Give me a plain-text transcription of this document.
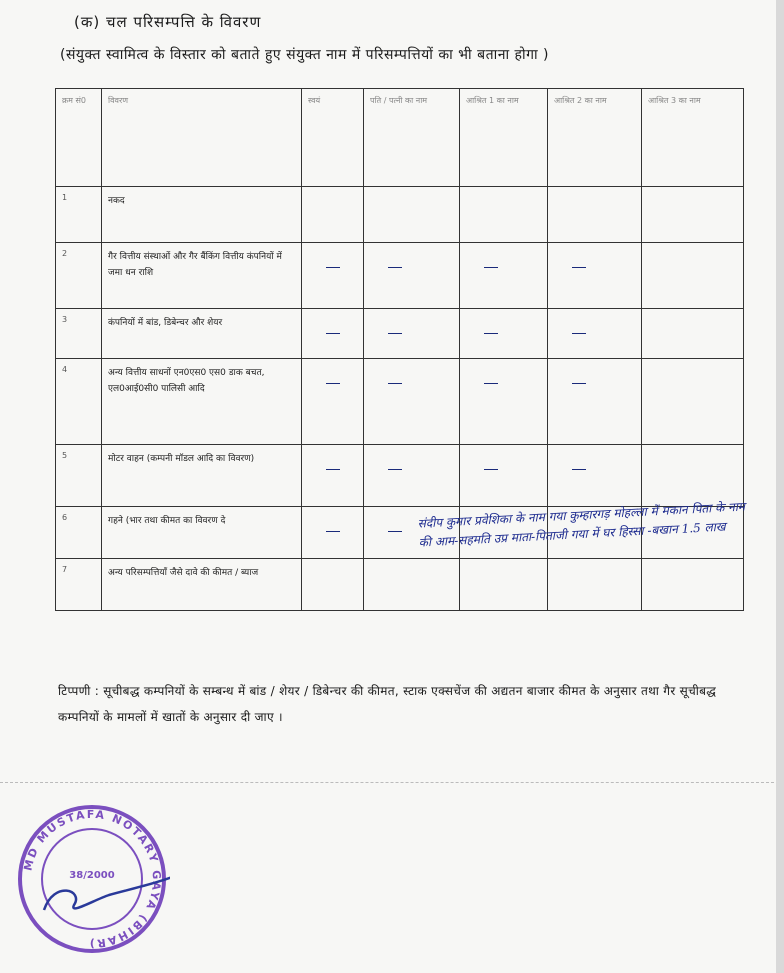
(क) चल परिसम्पत्ति के विवरण
(संयुक्त स्वामित्व के विस्तार को बताते हुए संयुक्त नाम में परिसम्पत्तियों का भी बताना होगा )
क्रम सं0	विवरण	स्वयं	पति / पत्नी का नाम	आश्रित 1 का नाम	आश्रित 2 का नाम	आश्रित 3 का नाम
1	नकद					
2	गैर वित्तीय संस्थाओं और गैर बैंकिंग वित्तीय कंपनियों में जमा धन राशि	

3	कंपनियों में बांड, डिबेन्चर और शेयर	

4	अन्य वित्तीय साधनों एन0एस0 एस0 डाक बचत, एल0आई0सी0 पालिसी आदि	

5	मोटर वाहन (कम्पनी मॉडल आदि का विवरण)	

6	गहने (भार तथा कीमत का विवरण दे	

7	अन्य परिसम्पत्तियाँ जैसे दावे की कीमत / ब्याज					
संदीप कुमार प्रवेशिका के नाम गया कुम्हारगड़ मोहल्ला में मकान पिता के नाम की आम-सहमति उप्र माता-पिताजी गया में घर हिस्सा -बखान 1.5 लाख
टिप्पणी : सूचीबद्ध कम्पनियों के सम्बन्ध में बांड / शेयर / डिबेन्चर की कीमत, स्टाक एक्सचेंज की अद्यतन बाजार कीमत के अनुसार तथा गैर सूचीबद्ध कम्पनियों के मामलों में खातों के अनुसार दी जाए ।
MD MUSTAFA NOTARY GAYA (BIHAR)
38/2000
